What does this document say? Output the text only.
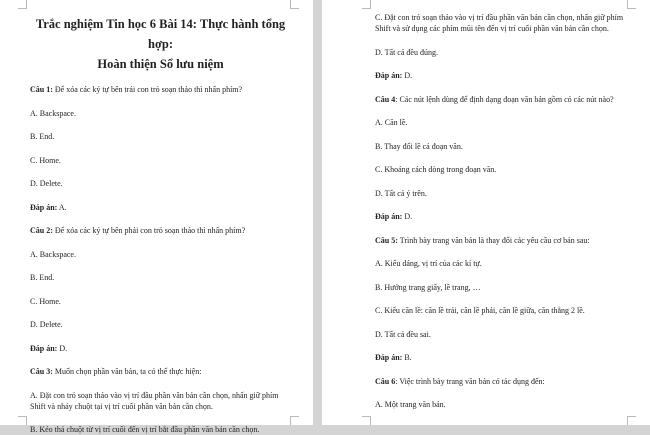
Trắc nghiệm Tin học 6 Bài 14: Thực hành tổng hợp:
Hoàn thiện Sổ lưu niệm

Câu 1: Để xóa các ký tự bên trái con trỏ soạn thảo thì nhấn phím?

A. Backspace.

B. End.

C. Home.

D. Delete.

Đáp án: A.

Câu 2: Để xóa các ký tự bên phải con trỏ soạn thảo thì nhấn phím?

A. Backspace.

B. End.

C. Home.

D. Delete.

Đáp án: D.

Câu 3: Muốn chọn phần văn bản, ta có thể thực hiện:

A. Đặt con trỏ soạn thảo vào vị trí đầu phần văn bản cần chọn, nhấn giữ phím Shift và nháy chuột tại vị trí cuối phần văn bản cần chọn.

B. Kéo thả chuột từ vị trí cuối đến vị trí bắt đầu phần văn bản cần chọn.

C. Đặt con trỏ soạn thảo vào vị trí đầu phần văn bản cần chọn, nhấn giữ phím Shift và sử dụng các phím mũi tên đến vị trí cuối phần văn bản cần chọn.

D. Tất cả đều đúng.

Đáp án: D.

Câu 4: Các nút lệnh dùng để định dạng đoạn văn bản gồm có các nút nào?

A. Căn lề.

B. Thay đổi lề cả đoạn văn.

C. Khoảng cách dòng trong đoạn văn.

D. Tất cả ý trên.

Đáp án: D.

Câu 5: Trình bày trang văn bản là thay đổi các yêu cầu cơ bản sau:

A. Kiểu dáng, vị trí của các kí tự.

B. Hướng trang giấy, lề trang, …

C. Kiểu căn lề: căn lề trái, căn lề phải, căn lề giữa, căn thẳng 2 lề.

D. Tất cả đều sai.

Đáp án: B.

Câu 6: Việc trình bày trang văn bản có tác dụng đến:

A. Một trang văn bản.
